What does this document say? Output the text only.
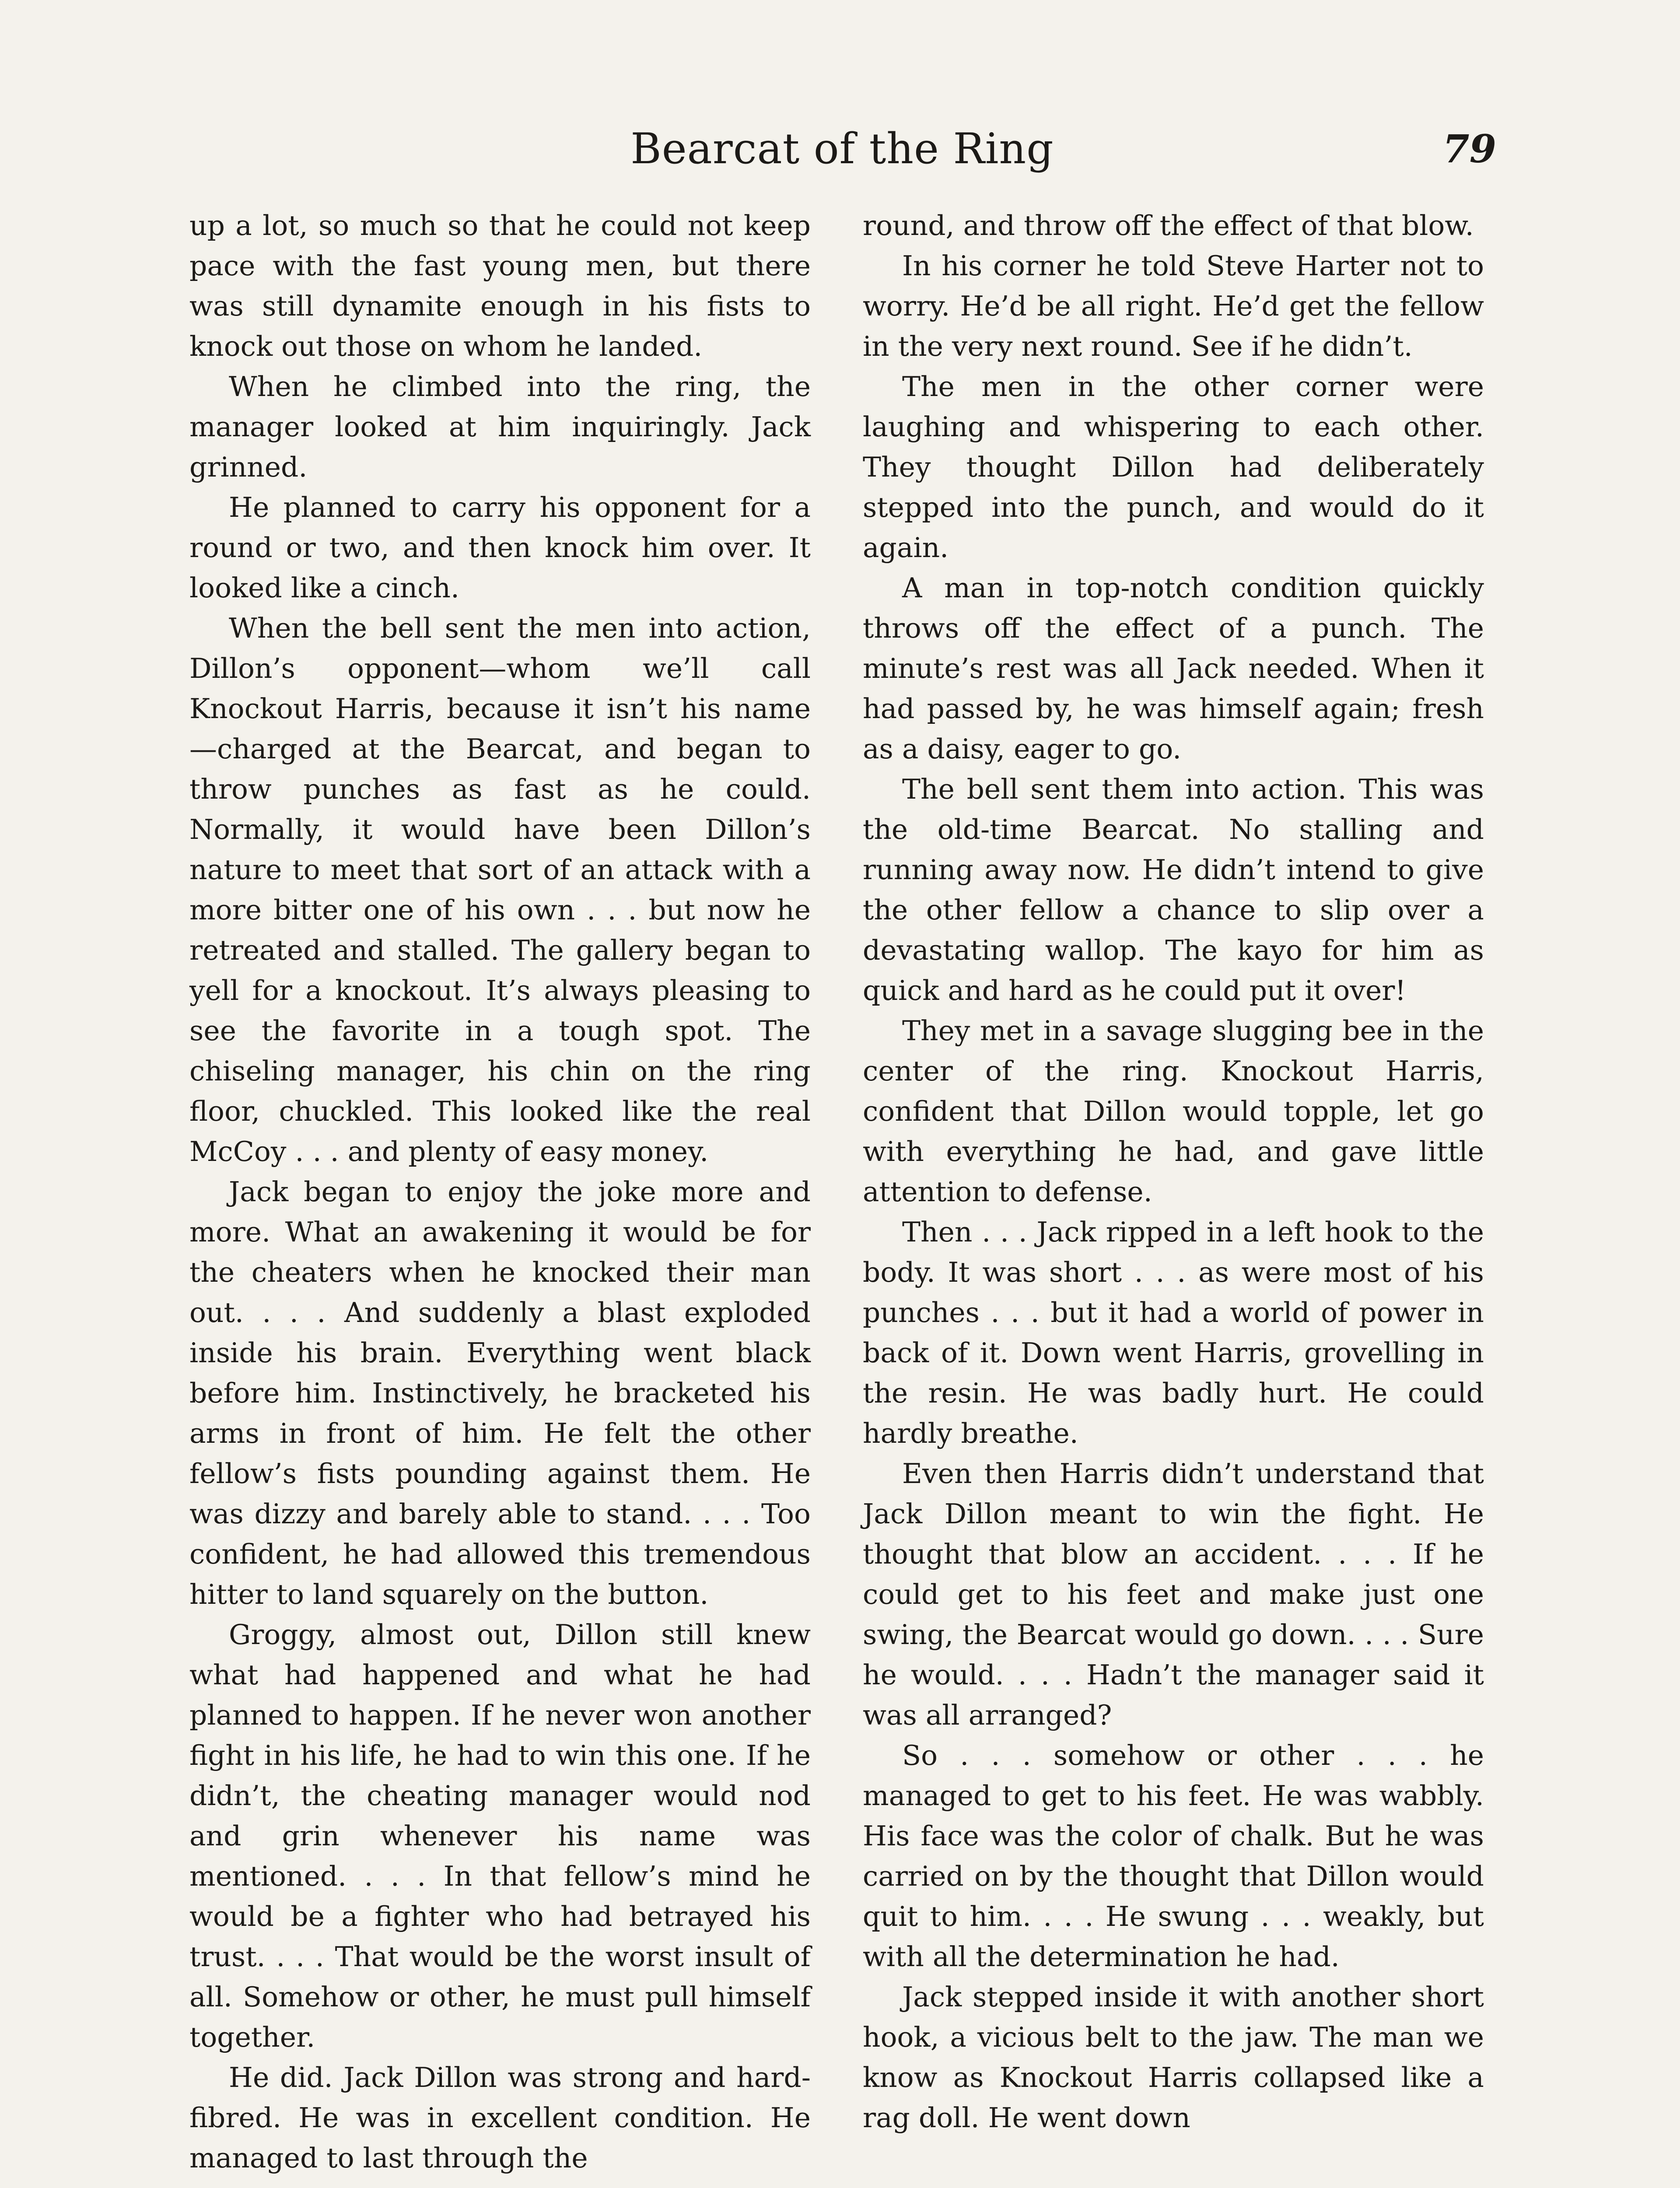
Bearcat of the Ring	79

up a lot, so much so that he could not keep pace with the fast young men, but there was still dynamite enough in his fists to knock out those on whom he landed.

When he climbed into the ring, the manager looked at him inquiringly. Jack grinned.

He planned to carry his opponent for a round or two, and then knock him over. It looked like a cinch.

When the bell sent the men into action, Dillon’s opponent—whom we’ll call Knockout Harris, because it isn’t his name—charged at the Bearcat, and began to throw punches as fast as he could. Normally, it would have been Dillon’s nature to meet that sort of an attack with a more bitter one of his own . . . but now he retreated and stalled. The gallery began to yell for a knockout. It’s always pleasing to see the favorite in a tough spot. The chiseling manager, his chin on the ring floor, chuckled. This looked like the real McCoy . . . and plenty of easy money.

Jack began to enjoy the joke more and more. What an awakening it would be for the cheaters when he knocked their man out. . . . And suddenly a blast exploded inside his brain. Everything went black before him. Instinctively, he bracketed his arms in front of him. He felt the other fellow’s fists pounding against them. He was dizzy and barely able to stand. . . . Too confident, he had allowed this tremendous hitter to land squarely on the button.

Groggy, almost out, Dillon still knew what had happened and what he had planned to happen. If he never won another fight in his life, he had to win this one. If he didn’t, the cheating manager would nod and grin whenever his name was mentioned. . . . In that fellow’s mind he would be a fighter who had betrayed his trust. . . . That would be the worst insult of all. Somehow or other, he must pull himself together.

He did. Jack Dillon was strong and hard-fibred. He was in excellent condition. He managed to last through the

round, and throw off the effect of that blow.

In his corner he told Steve Harter not to worry. He’d be all right. He’d get the fellow in the very next round. See if he didn’t.

The men in the other corner were laughing and whispering to each other. They thought Dillon had deliberately stepped into the punch, and would do it again.

A man in top-notch condition quickly throws off the effect of a punch. The minute’s rest was all Jack needed. When it had passed by, he was himself again; fresh as a daisy, eager to go.

The bell sent them into action. This was the old-time Bearcat. No stalling and running away now. He didn’t intend to give the other fellow a chance to slip over a devastating wallop. The kayo for him as quick and hard as he could put it over!

They met in a savage slugging bee in the center of the ring. Knockout Harris, confident that Dillon would topple, let go with everything he had, and gave little attention to defense.

Then . . . Jack ripped in a left hook to the body. It was short . . . as were most of his punches . . . but it had a world of power in back of it. Down went Harris, grovelling in the resin. He was badly hurt. He could hardly breathe.

Even then Harris didn’t understand that Jack Dillon meant to win the fight. He thought that blow an accident. . . . If he could get to his feet and make just one swing, the Bearcat would go down. . . . Sure he would. . . . Hadn’t the manager said it was all arranged?

So . . . somehow or other . . . he managed to get to his feet. He was wabbly. His face was the color of chalk. But he was carried on by the thought that Dillon would quit to him. . . . He swung . . . weakly, but with all the determination he had.

Jack stepped inside it with another short hook, a vicious belt to the jaw. The man we know as Knockout Harris collapsed like a rag doll. He went down
